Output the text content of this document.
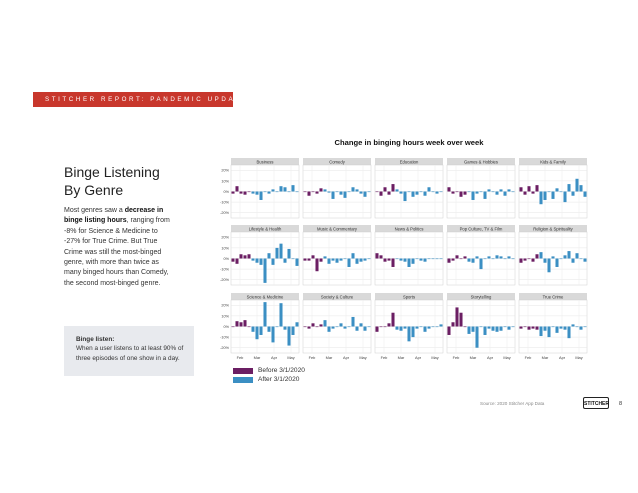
STITCHER REPORT: PANDEMIC UPDATE
Binge Listening
By Genre
Most genres saw a decrease in binge listing hours, ranging from -8% for Science & Medicine to -27% for True Crime. But True Crime was still the most-binged genre, with more than twice as many binged hours than Comedy, the second most-binged genre.
Binge listen:
When a user listens to at least 90% of three episodes of one show in a day.
Change in binging hours week over week
Business
20%
10%
0%
-10%
-20%
Comedy	Education	Games & Hobbies	Kids & Family
Lifestyle & Health
20%
10%
0%
-10%
-20%
Music & Commentary	News & Politics	Pop Culture, TV & Film	Religion & Spirituality
Science & Medicine
20%
10%
0%
-10%
-20%
Feb	Mar	Apr	May
Society & Culture
Feb	Mar	Apr	May
Sports
Feb	Mar	Apr	May
Storytelling
Feb	Mar	Apr	May
True Crime
Feb	Mar	Apr	May
Before 3/1/2020
After 3/1/2020
Source: 2020 Stitcher App Data	STITCHER 8
